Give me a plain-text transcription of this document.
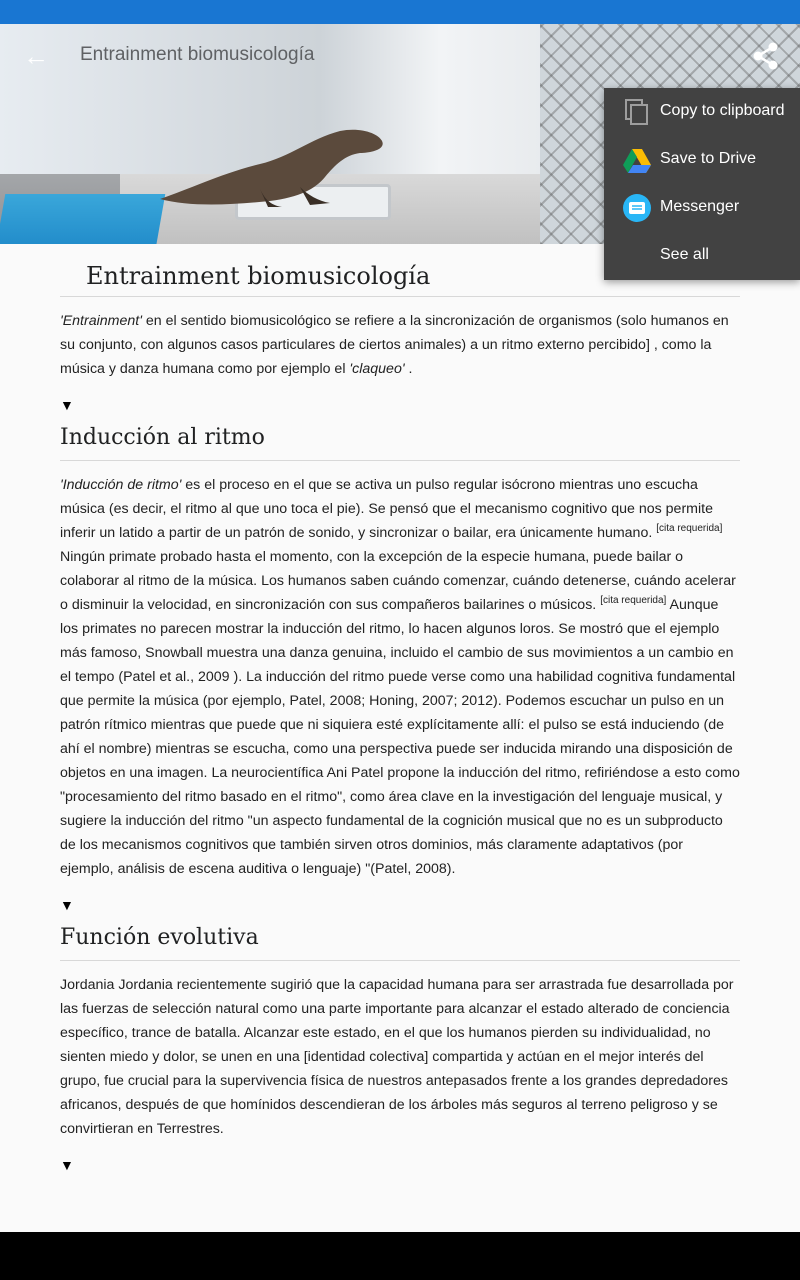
← Entrainment biomusicología
Entrainment biomusicología

'Entrainment' en el sentido biomusicológico se refiere a la sincronización de organismos (solo humanos en su conjunto, con algunos casos particulares de ciertos animales) a un ritmo externo percibido] , como la música y danza humana como por ejemplo el 'claqueo' .

▼
Inducción al ritmo

'Inducción de ritmo' es el proceso en el que se activa un pulso regular isócrono mientras uno escucha música (es decir, el ritmo al que uno toca el pie). Se pensó que el mecanismo cognitivo que nos permite inferir un latido a partir de un patrón de sonido, y sincronizar o bailar, era únicamente humano. [cita requerida] Ningún primate probado hasta el momento, con la excepción de la especie humana, puede bailar o colaborar al ritmo de la música. Los humanos saben cuándo comenzar, cuándo detenerse, cuándo acelerar o disminuir la velocidad, en sincronización con sus compañeros bailarines o músicos. [cita requerida] Aunque los primates no parecen mostrar la inducción del ritmo, lo hacen algunos loros. Se mostró que el ejemplo más famoso, Snowball muestra una danza genuina, incluido el cambio de sus movimientos a un cambio en el tempo (Patel et al., 2009 ). La inducción del ritmo puede verse como una habilidad cognitiva fundamental que permite la música (por ejemplo, Patel, 2008; Honing, 2007; 2012). Podemos escuchar un pulso en un patrón rítmico mientras que puede que ni siquiera esté explícitamente allí: el pulso se está induciendo (de ahí el nombre) mientras se escucha, como una perspectiva puede ser inducida mirando una disposición de objetos en una imagen. La neurocientífica Ani Patel propone la inducción del ritmo, refiriéndose a esto como "procesamiento del ritmo basado en el ritmo", como área clave en la investigación del lenguaje musical, y sugiere la inducción del ritmo "un aspecto fundamental de la cognición musical que no es un subproducto de los mecanismos cognitivos que también sirven otros dominios, más claramente adaptativos (por ejemplo, análisis de escena auditiva o lenguaje) "(Patel, 2008).

▼
Función evolutiva

Jordania Jordania recientemente sugirió que la capacidad humana para ser arrastrada fue desarrollada por las fuerzas de selección natural como una parte importante para alcanzar el estado alterado de conciencia específico, trance de batalla. Alcanzar este estado, en el que los humanos pierden su individualidad, no sienten miedo y dolor, se unen en una [identidad colectiva] compartida y actúan en el mejor interés del grupo, fue crucial para la supervivencia física de nuestros antepasados frente a los grandes depredadores africanos, después de que homínidos descendieran de los árboles más seguros al terreno peligroso y se convirtieran en Terrestres.

▼
Copy to clipboard
Save to Drive
Messenger
See all
